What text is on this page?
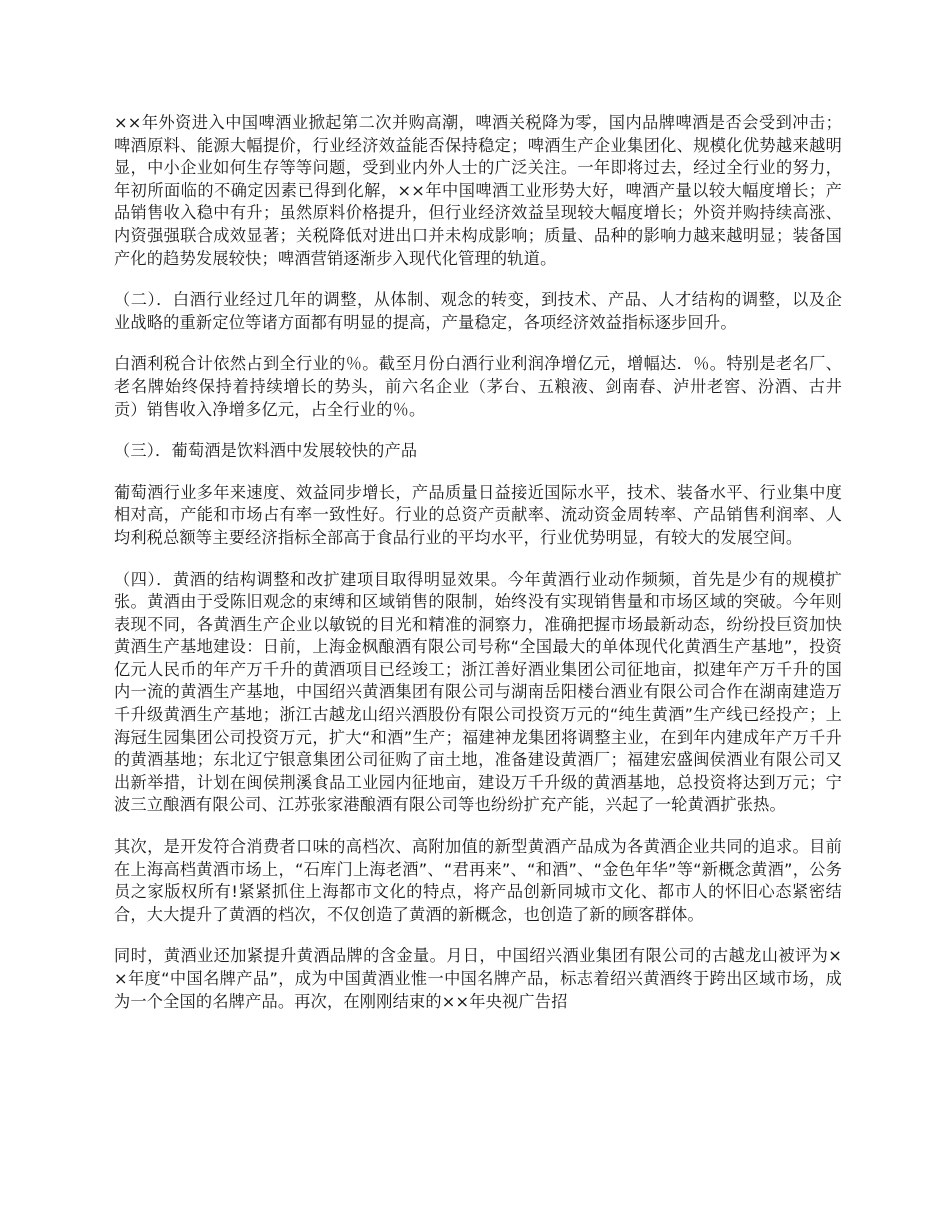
××年外资进入中国啤酒业掀起第二次并购高潮，啤酒关税降为零，国内品牌啤酒是否会受到冲击；啤酒原料、能源大幅提价，行业经济效益能否保持稳定；啤酒生产企业集团化、规模化优势越来越明显，中小企业如何生存等等问题，受到业内外人士的广泛关注。一年即将过去，经过全行业的努力，年初所面临的不确定因素已得到化解，××年中国啤酒工业形势大好，啤酒产量以较大幅度增长；产品销售收入稳中有升；虽然原料价格提升，但行业经济效益呈现较大幅度增长；外资并购持续高涨、内资强强联合成效显著；关税降低对进出口并未构成影响；质量、品种的影响力越来越明显；装备国产化的趋势发展较快；啤酒营销逐渐步入现代化管理的轨道。

（二）．白酒行业经过几年的调整，从体制、观念的转变，到技术、产品、人才结构的调整，以及企业战略的重新定位等诸方面都有明显的提高，产量稳定，各项经济效益指标逐步回升。

白酒利税合计依然占到全行业的％。截至月份白酒行业利润净增亿元，增幅达．％。特别是老名厂、老名牌始终保持着持续增长的势头，前六名企业（茅台、五粮液、剑南春、泸卅老窖、汾酒、古井贡）销售收入净增多亿元，占全行业的％。

（三）．葡萄酒是饮料酒中发展较快的产品

葡萄酒行业多年来速度、效益同步增长，产品质量日益接近国际水平，技术、装备水平、行业集中度相对高，产能和市场占有率一致性好。行业的总资产贡献率、流动资金周转率、产品销售利润率、人均利税总额等主要经济指标全部高于食品行业的平均水平，行业优势明显，有较大的发展空间。

（四）．黄酒的结构调整和改扩建项目取得明显效果。今年黄酒行业动作频频，首先是少有的规模扩张。黄酒由于受陈旧观念的束缚和区域销售的限制，始终没有实现销售量和市场区域的突破。今年则表现不同，各黄酒生产企业以敏锐的目光和精准的洞察力，准确把握市场最新动态，纷纷投巨资加快黄酒生产基地建设：日前，上海金枫酿酒有限公司号称“全国最大的单体现代化黄酒生产基地”，投资亿元人民币的年产万千升的黄酒项目已经竣工；浙江善好酒业集团公司征地亩，拟建年产万千升的国内一流的黄酒生产基地，中国绍兴黄酒集团有限公司与湖南岳阳楼台酒业有限公司合作在湖南建造万千升级黄酒生产基地；浙江古越龙山绍兴酒股份有限公司投资万元的“纯生黄酒”生产线已经投产；上海冠生园集团公司投资万元，扩大“和酒”生产；福建神龙集团将调整主业，在到年内建成年产万千升的黄酒基地；东北辽宁银意集团公司征购了亩土地，准备建设黄酒厂；福建宏盛闽侯酒业有限公司又出新举措，计划在闽侯荆溪食品工业园内征地亩，建设万千升级的黄酒基地，总投资将达到万元；宁波三立酿酒有限公司、江苏张家港酿酒有限公司等也纷纷扩充产能，兴起了一轮黄酒扩张热。

其次，是开发符合消费者口味的高档次、高附加值的新型黄酒产品成为各黄酒企业共同的追求。目前在上海高档黄酒市场上，“石库门上海老酒”、“君再来”、“和酒”、“金色年华”等“新概念黄酒”，公务员之家版权所有!紧紧抓住上海都市文化的特点，将产品创新同城市文化、都市人的怀旧心态紧密结合，大大提升了黄酒的档次，不仅创造了黄酒的新概念，也创造了新的顾客群体。

同时，黄酒业还加紧提升黄酒品牌的含金量。月日，中国绍兴酒业集团有限公司的古越龙山被评为××年度“中国名牌产品”，成为中国黄酒业惟一中国名牌产品，标志着绍兴黄酒终于跨出区域市场，成为一个全国的名牌产品。再次，在刚刚结束的××年央视广告招
